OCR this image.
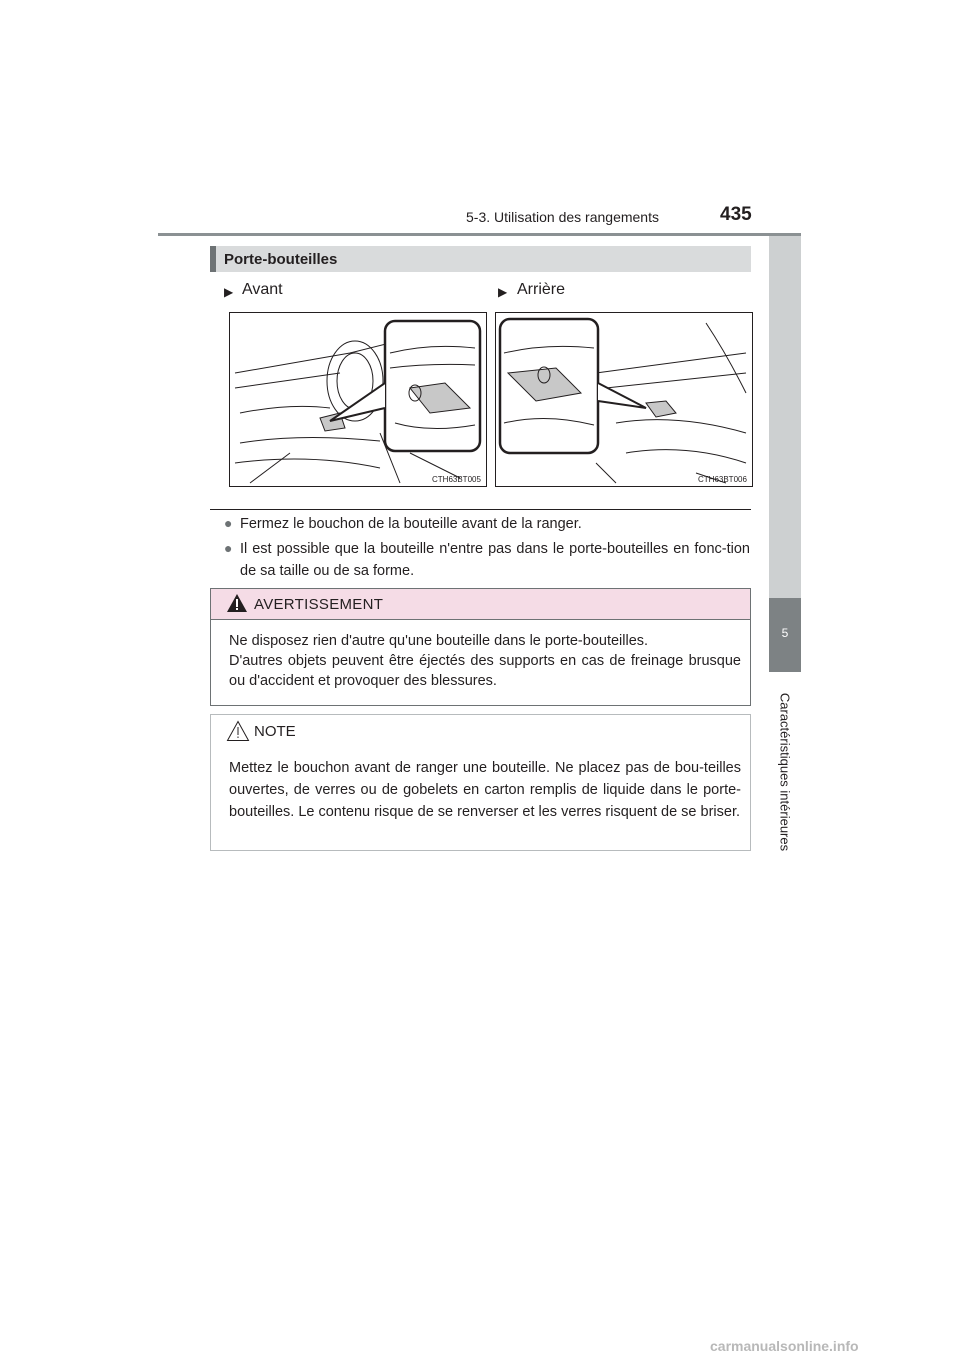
5-3. Utilisation des rangements	435
5
Caractéristiques intérieures
Porte-bouteilles
▶ Avant	▶ Arrière
CTH63BT005	CTH63BT006
● Fermez le bouchon de la bouteille avant de la ranger.
● Il est possible que la bouteille n'entre pas dans le porte-bouteilles en fonc-tion de sa taille ou de sa forme.
AVERTISSEMENT
Ne disposez rien d'autre qu'une bouteille dans le porte-bouteilles.
D'autres objets peuvent être éjectés des supports en cas de freinage brusque ou d'accident et provoquer des blessures.
NOTE
Mettez le bouchon avant de ranger une bouteille. Ne placez pas de bou-teilles ouvertes, de verres ou de gobelets en carton remplis de liquide dans le porte-bouteilles. Le contenu risque de se renverser et les verres risquent de se briser.
carmanualsonline.info
